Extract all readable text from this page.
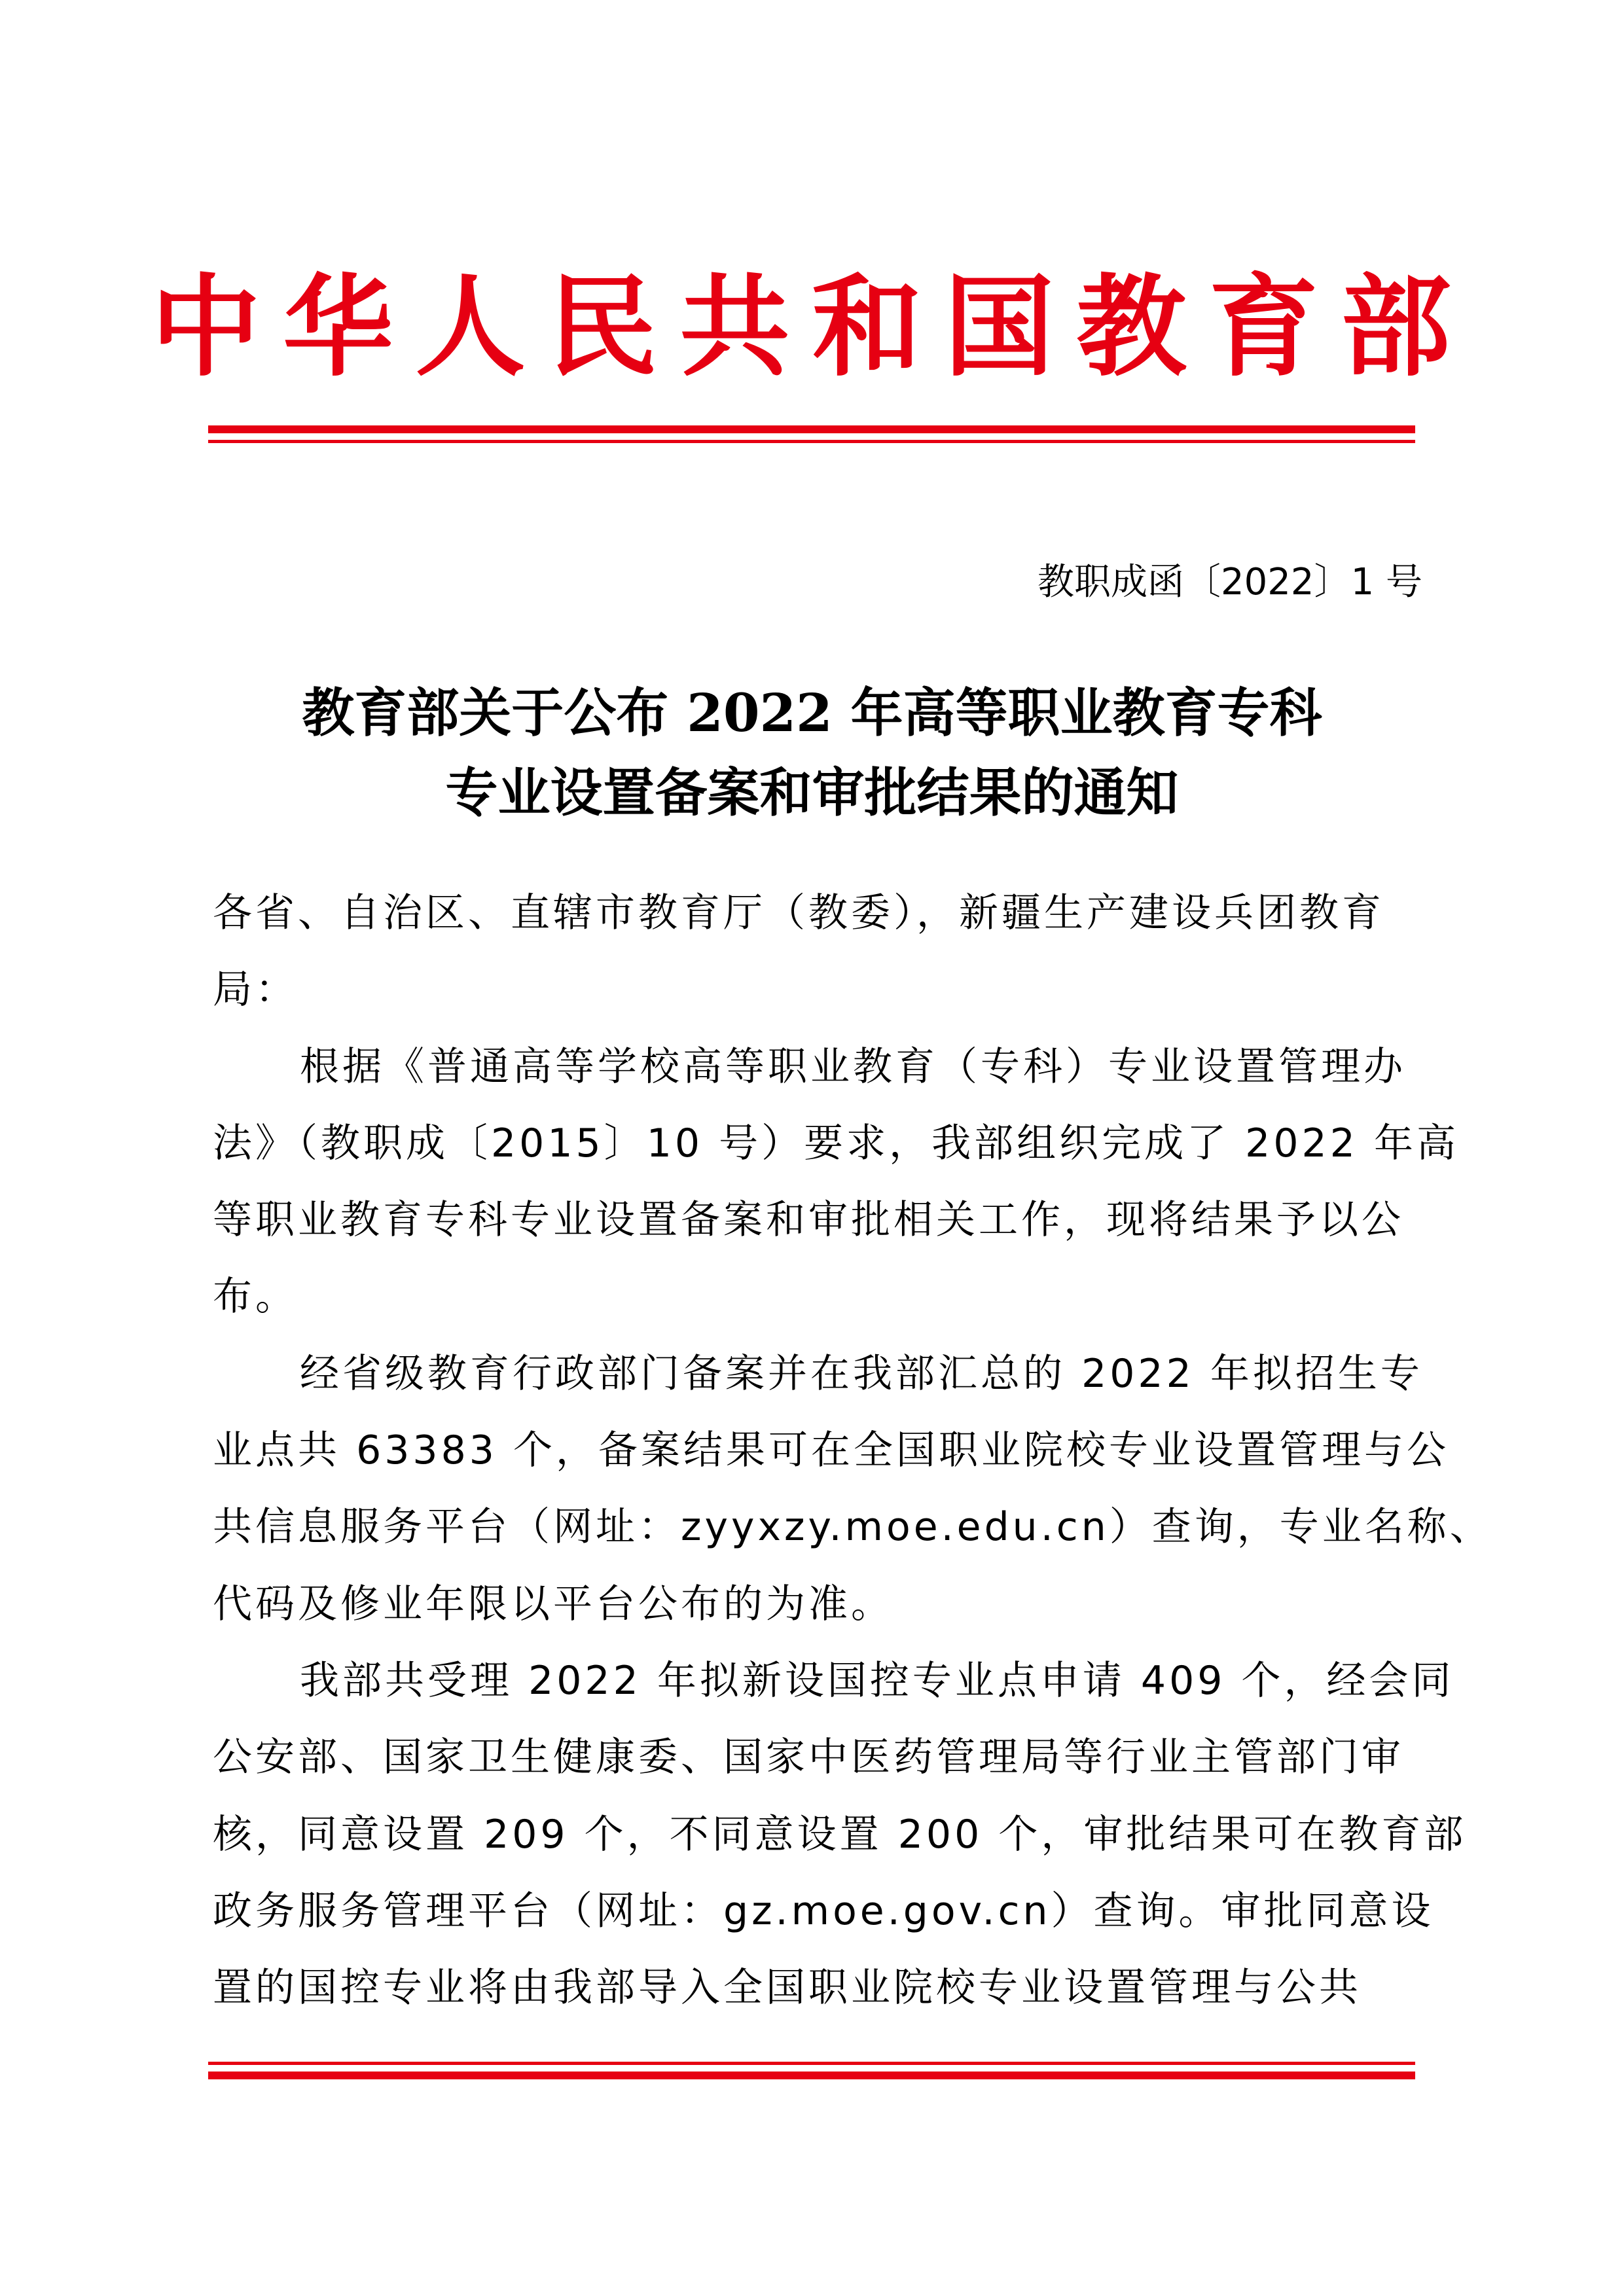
中华人民共和国教育部
教职成函〔2022〕1 号
教育部关于公布 2022 年高等职业教育专科
专业设置备案和审批结果的通知
各省、自治区、直辖市教育厅（教委），新疆生产建设兵团教育
局：
根据《普通高等学校高等职业教育（专科）专业设置管理办
法》（教职成〔2015〕10 号）要求，我部组织完成了 2022 年高
等职业教育专科专业设置备案和审批相关工作，现将结果予以公
布。
经省级教育行政部门备案并在我部汇总的 2022 年拟招生专
业点共 63383 个，备案结果可在全国职业院校专业设置管理与公
共信息服务平台（网址：zyyxzy.moe.edu.cn）查询，专业名称、
代码及修业年限以平台公布的为准。
我部共受理 2022 年拟新设国控专业点申请 409 个，经会同
公安部、国家卫生健康委、国家中医药管理局等行业主管部门审
核，同意设置 209 个，不同意设置 200 个，审批结果可在教育部
政务服务管理平台（网址：gz.moe.gov.cn）查询。审批同意设
置的国控专业将由我部导入全国职业院校专业设置管理与公共
